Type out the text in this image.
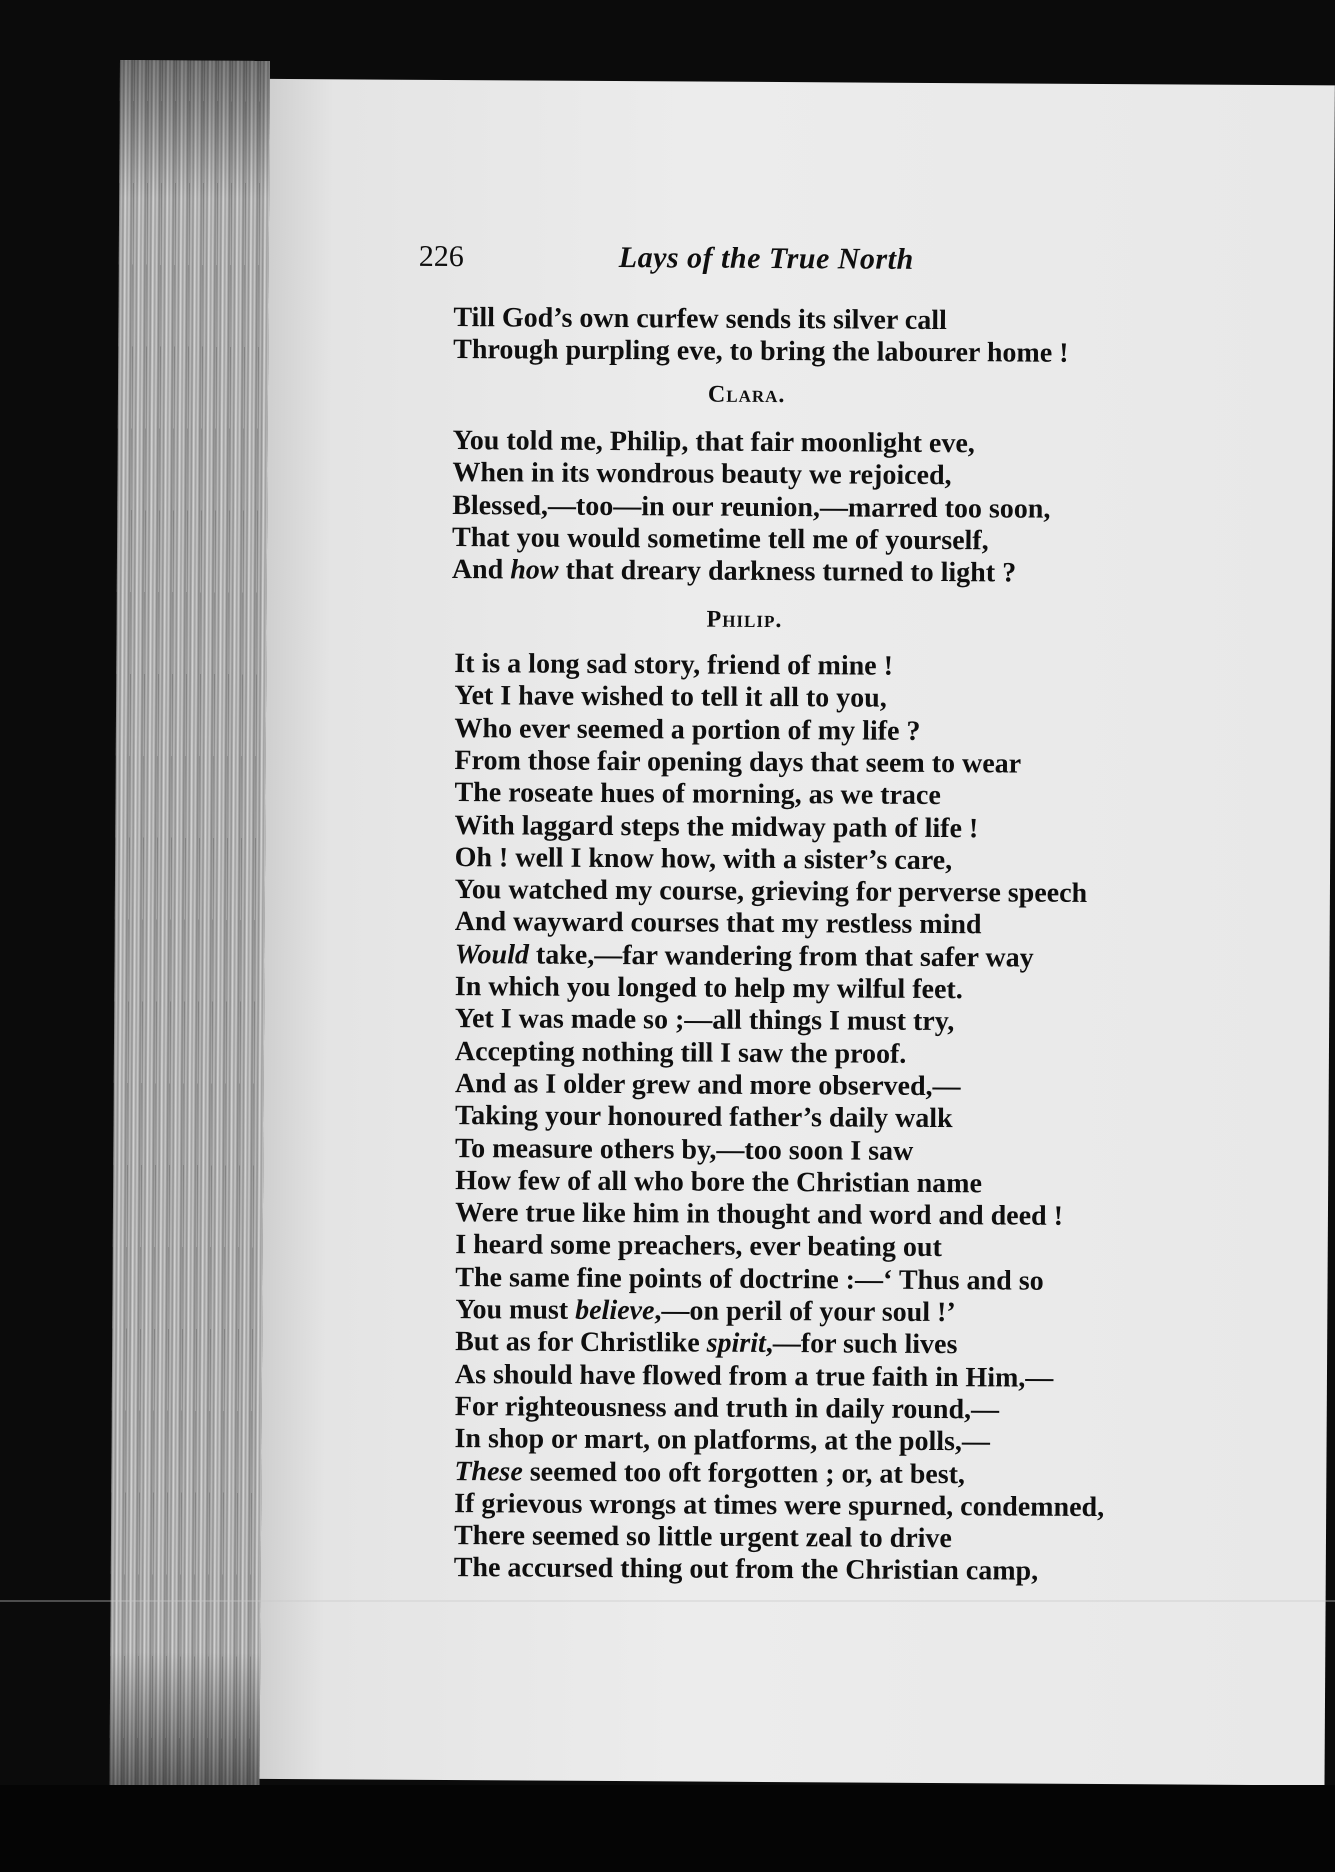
226	Lays of the True North
Till God’s own curfew sends its silver call
Through purpling eve, to bring the labourer home !
Clara.
You told me, Philip, that fair moonlight eve,
When in its wondrous beauty we rejoiced,
Blessed,—too—in our reunion,—marred too soon,
That you would sometime tell me of yourself,
And how that dreary darkness turned to light ?
Philip.
It is a long sad story, friend of mine !
Yet I have wished to tell it all to you,
Who ever seemed a portion of my life ?
From those fair opening days that seem to wear
The roseate hues of morning, as we trace
With laggard steps the midway path of life !
Oh ! well I know how, with a sister’s care,
You watched my course, grieving for perverse speech
And wayward courses that my restless mind
Would take,—far wandering from that safer way
In which you longed to help my wilful feet.
Yet I was made so ;—all things I must try,
Accepting nothing till I saw the proof.
And as I older grew and more observed,—
Taking your honoured father’s daily walk
To measure others by,—too soon I saw
How few of all who bore the Christian name
Were true like him in thought and word and deed !
I heard some preachers, ever beating out
The same fine points of doctrine :—‘ Thus and so
You must believe,—on peril of your soul !’
But as for Christlike spirit,—for such lives
As should have flowed from a true faith in Him,—
For righteousness and truth in daily round,—
In shop or mart, on platforms, at the polls,—
These seemed too oft forgotten ; or, at best,
If grievous wrongs at times were spurned, condemned,
There seemed so little urgent zeal to drive
The accursed thing out from the Christian camp,
